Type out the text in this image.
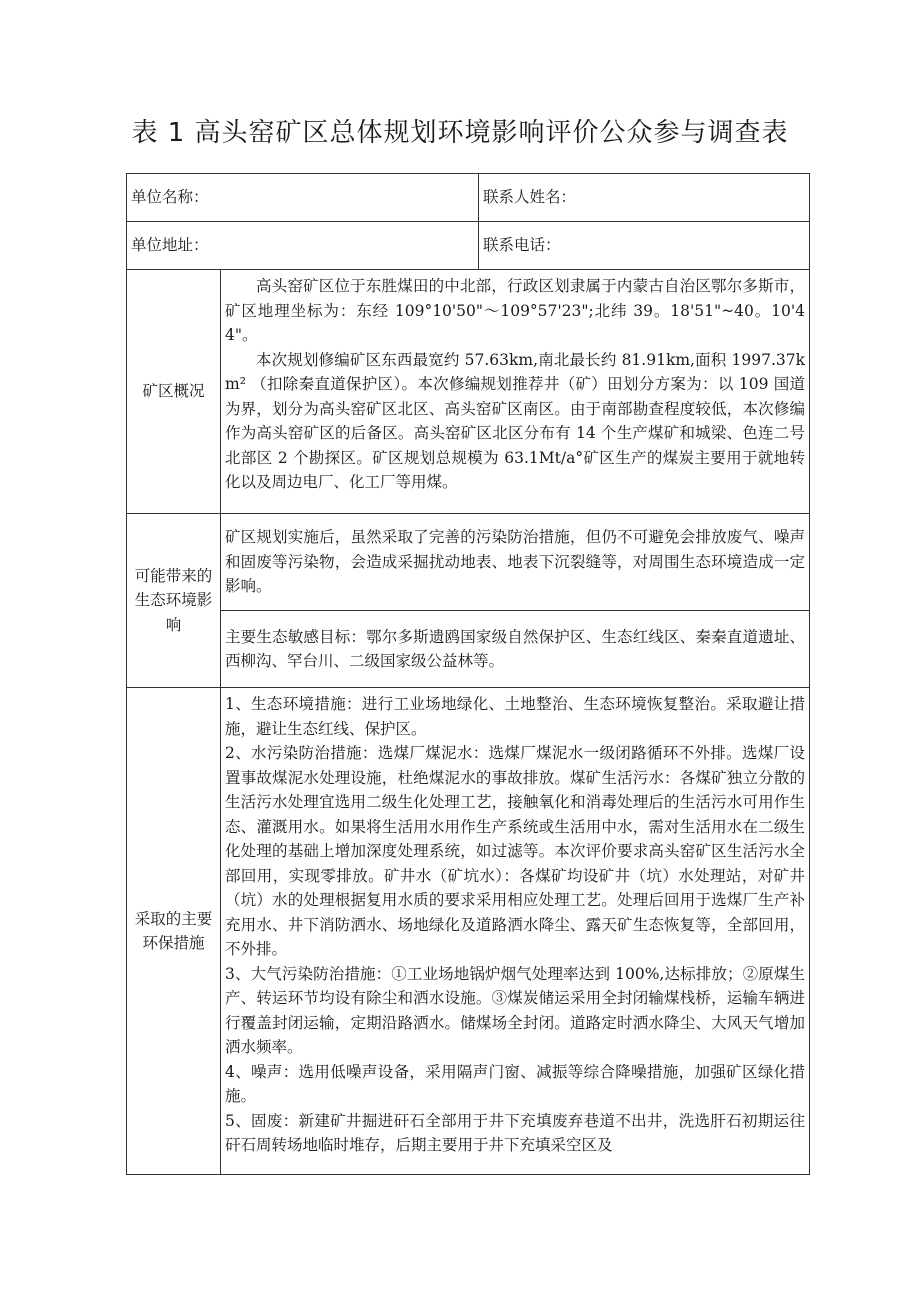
表 1 高头窑矿区总体规划环境影响评价公众参与调查表
单位名称：		联系人姓名：
单位地址：		联系电话：
矿区概况	高头窑矿区位于东胜煤田的中北部，行政区划隶属于内蒙古自治区鄂尔多斯市，矿区地理坐标为：东经 109°10'50"～109°57'23";北纬 39。18'51"~40。10'44"。

本次规划修编矿区东西最宽约 57.63km,南北最长约 81.91km,面积 1997.37km² （扣除秦直道保护区）。本次修编规划推荐井（矿）田划分方案为：以 109 国道为界，划分为高头窑矿区北区、高头窑矿区南区。由于南部勘查程度较低，本次修编作为高头窑矿区的后备区。高头窑矿区北区分布有 14 个生产煤矿和城梁、色连二号北部区 2 个勘探区。矿区规划总规模为 63.1Mt/a°矿区生产的煤炭主要用于就地转化以及周边电厂、化工厂等用煤。	

可能带来的生态环境影响	矿区规划实施后，虽然采取了完善的污染防治措施，但仍不可避免会排放废气、噪声和固废等污染物，会造成采掘扰动地表、地表下沉裂缝等，对周围生态环境造成一定影响。	
	主要生态敏感目标：鄂尔多斯遗鸥国家级自然保护区、生态红线区、秦秦直道遗址、西柳沟、罕台川、二级国家级公益林等。	
采取的主要环保措施	1、生态环境措施：进行工业场地绿化、土地整治、生态环境恢复整治。采取避让措施，避让生态红线、保护区。

2、水污染防治措施：选煤厂煤泥水：选煤厂煤泥水一级闭路循环不外排。选煤厂设置事故煤泥水处理设施，杜绝煤泥水的事故排放。煤矿生活污水：各煤矿独立分散的生活污水处理宜选用二级生化处理工艺，接触氧化和消毒处理后的生活污水可用作生态、灌溉用水。如果将生活用水用作生产系统或生活用中水，需对生活用水在二级生化处理的基础上增加深度处理系统，如过滤等。本次评价要求高头窑矿区生活污水全部回用，实现零排放。矿井水（矿坑水）：各煤矿均设矿井（坑）水处理站，对矿井（坑）水的处理根据复用水质的要求采用相应处理工艺。处理后回用于选煤厂生产补充用水、井下消防洒水、场地绿化及道路洒水降尘、露天矿生态恢复等，全部回用，不外排。

3、大气污染防治措施：①工业场地锅炉烟气处理率达到 100%,达标排放；②原煤生产、转运环节均设有除尘和洒水设施。③煤炭储运采用全封闭输煤栈桥，运输车辆进行覆盖封闭运输，定期沿路洒水。储煤场全封闭。道路定时洒水降尘、大风天气增加洒水频率。

4、噪声：选用低噪声设备，采用隔声门窗、减振等综合降噪措施，加强矿区绿化措施。

5、固废：新建矿井掘进矸石全部用于井下充填废弃巷道不出井，洗选肝石初期运往矸石周转场地临时堆存，后期主要用于井下充填采空区及	
